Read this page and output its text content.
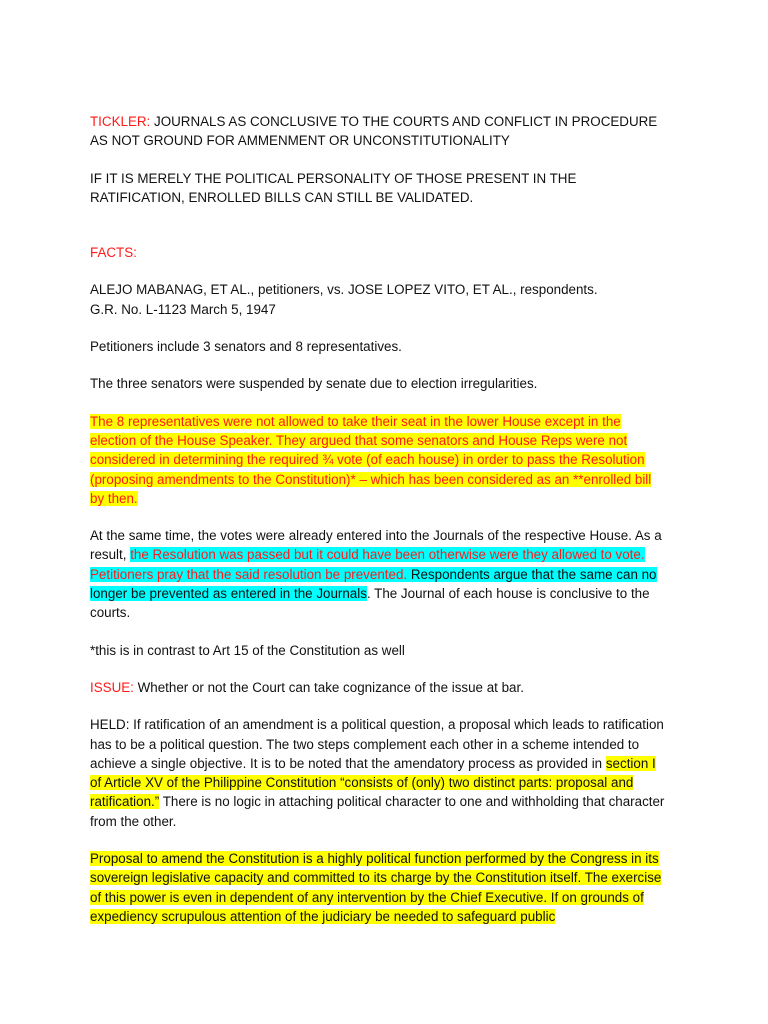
TICKLER: JOURNALS AS CONCLUSIVE TO THE COURTS AND CONFLICT IN PROCEDURE AS NOT GROUND FOR AMMENMENT OR UNCONSTITUTIONALITY

IF IT IS MERELY THE POLITICAL PERSONALITY OF THOSE PRESENT IN THE RATIFICATION, ENROLLED BILLS CAN STILL BE VALIDATED.

FACTS:

ALEJO MABANAG, ET AL., petitioners, vs. JOSE LOPEZ VITO, ET AL., respondents.
G.R. No. L-1123 March 5, 1947

Petitioners include 3 senators and 8 representatives.

The three senators were suspended by senate due to election irregularities.

The 8 representatives were not allowed to take their seat in the lower House except in the election of the House Speaker. They argued that some senators and House Reps were not considered in determining the required ¾ vote (of each house) in order to pass the Resolution (proposing amendments to the Constitution)* – which has been considered as an **enrolled bill by then.

At the same time, the votes were already entered into the Journals of the respective House. As a result, the Resolution was passed but it could have been otherwise were they allowed to vote. Petitioners pray that the said resolution be prevented. Respondents argue that the same can no longer be prevented as entered in the Journals. The Journal of each house is conclusive to the courts.

*this is in contrast to Art 15 of the Constitution as well

ISSUE: Whether or not the Court can take cognizance of the issue at bar.

HELD: If ratification of an amendment is a political question, a proposal which leads to ratification has to be a political question. The two steps complement each other in a scheme intended to achieve a single objective. It is to be noted that the amendatory process as provided in section I of Article XV of the Philippine Constitution “consists of (only) two distinct parts: proposal and ratification.” There is no logic in attaching political character to one and withholding that character from the other.

Proposal to amend the Constitution is a highly political function performed by the Congress in its sovereign legislative capacity and committed to its charge by the Constitution itself. The exercise of this power is even in dependent of any intervention by the Chief Executive. If on grounds of expediency scrupulous attention of the judiciary be needed to safeguard public
